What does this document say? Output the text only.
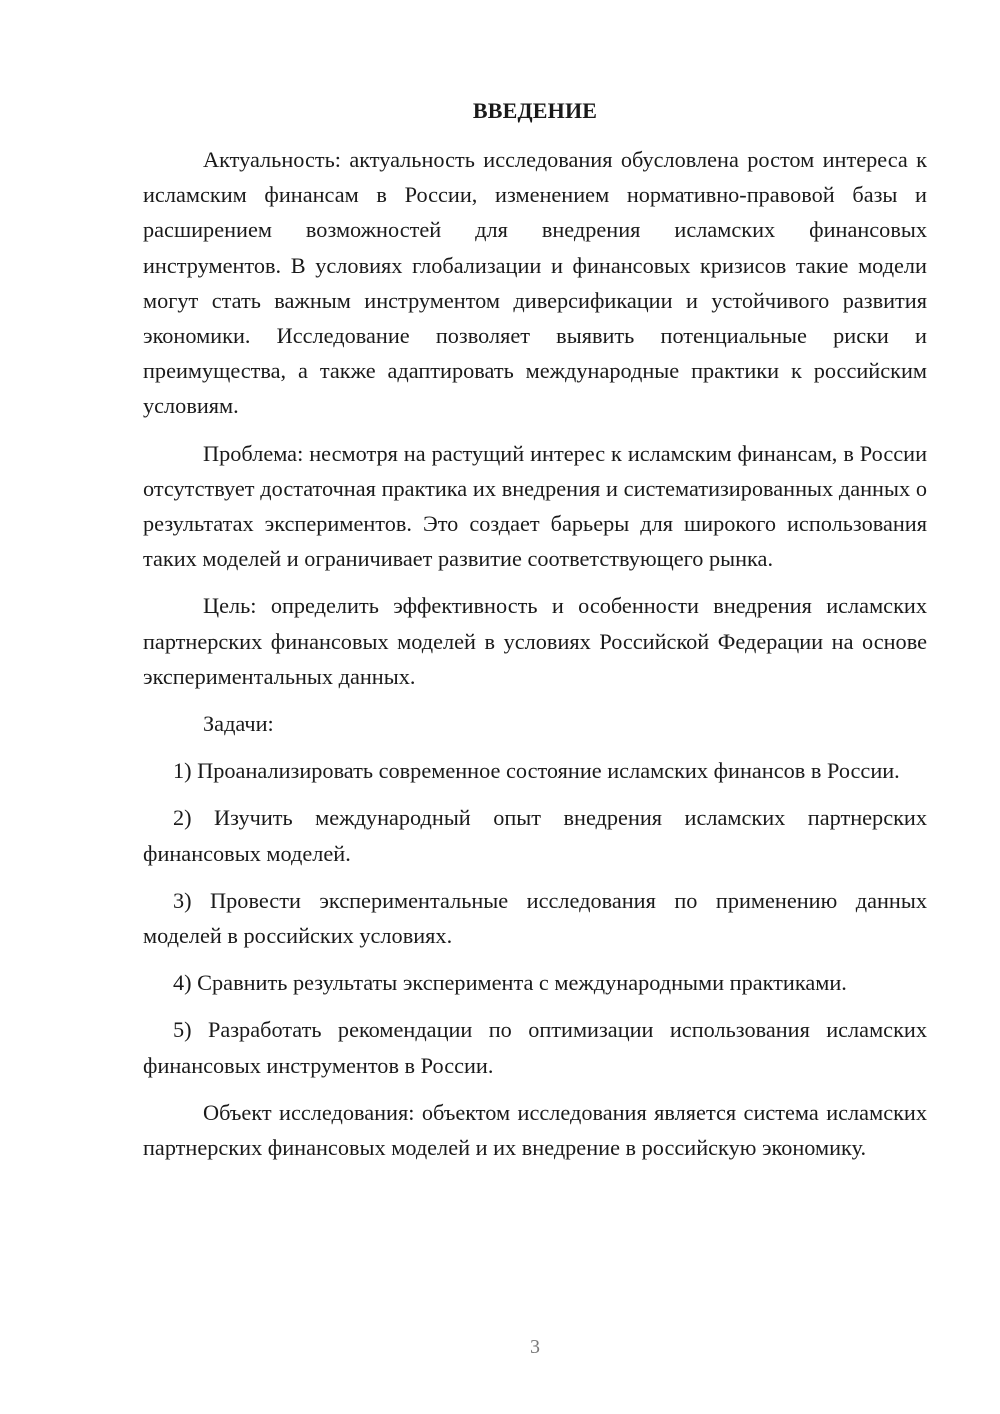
ВВЕДЕНИЕ

Актуальность: актуальность исследования обусловлена ростом интереса к исламским финансам в России, изменением нормативно-правовой базы и расширением возможностей для внедрения исламских финансовых инструментов. В условиях глобализации и финансовых кризисов такие модели могут стать важным инструментом диверсификации и устойчивого развития экономики. Исследование позволяет выявить потенциальные риски и преимущества, а также адаптировать международные практики к российским условиям.

Проблема: несмотря на растущий интерес к исламским финансам, в России отсутствует достаточная практика их внедрения и систематизированных данных о результатах экспериментов. Это создает барьеры для широкого использования таких моделей и ограничивает развитие соответствующего рынка.

Цель: определить эффективность и особенности внедрения исламских партнерских финансовых моделей в условиях Российской Федерации на основе экспериментальных данных.

Задачи:

1) Проанализировать современное состояние исламских финансов в России.

2) Изучить международный опыт внедрения исламских партнерских финансовых моделей.

3) Провести экспериментальные исследования по применению данных моделей в российских условиях.

4) Сравнить результаты эксперимента с международными практиками.

5) Разработать рекомендации по оптимизации использования исламских финансовых инструментов в России.

Объект исследования: объектом исследования является система исламских партнерских финансовых моделей и их внедрение в российскую экономику.

3
